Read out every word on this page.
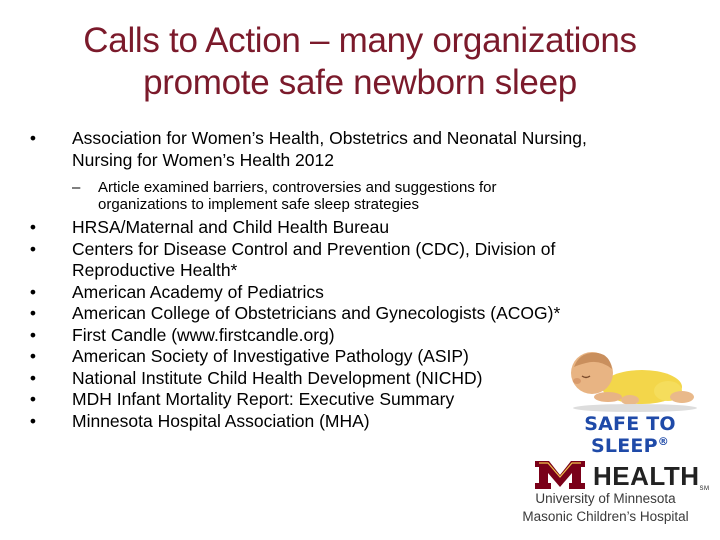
Calls to Action – many organizations
promote safe newborn sleep
• Association for Women’s Health, Obstetrics and Neonatal Nursing,
Nursing for Women’s Health 2012
– Article examined barriers, controversies and suggestions for
organizations to implement safe sleep strategies
• HRSA/Maternal and Child Health Bureau
• Centers for Disease Control and Prevention (CDC), Division of
Reproductive Health*
• American Academy of Pediatrics
• American College of Obstetricians and Gynecologists (ACOG)*
• First Candle (www.firstcandle.org)
• American Society of Investigative Pathology (ASIP)
• National Institute Child Health Development (NICHD)
• MDH Infant Mortality Report: Executive Summary
• Minnesota Hospital Association (MHA)	SAFE TO SLEEP®
HEALTHSM
University of Minnesota
Masonic Children’s Hospital
